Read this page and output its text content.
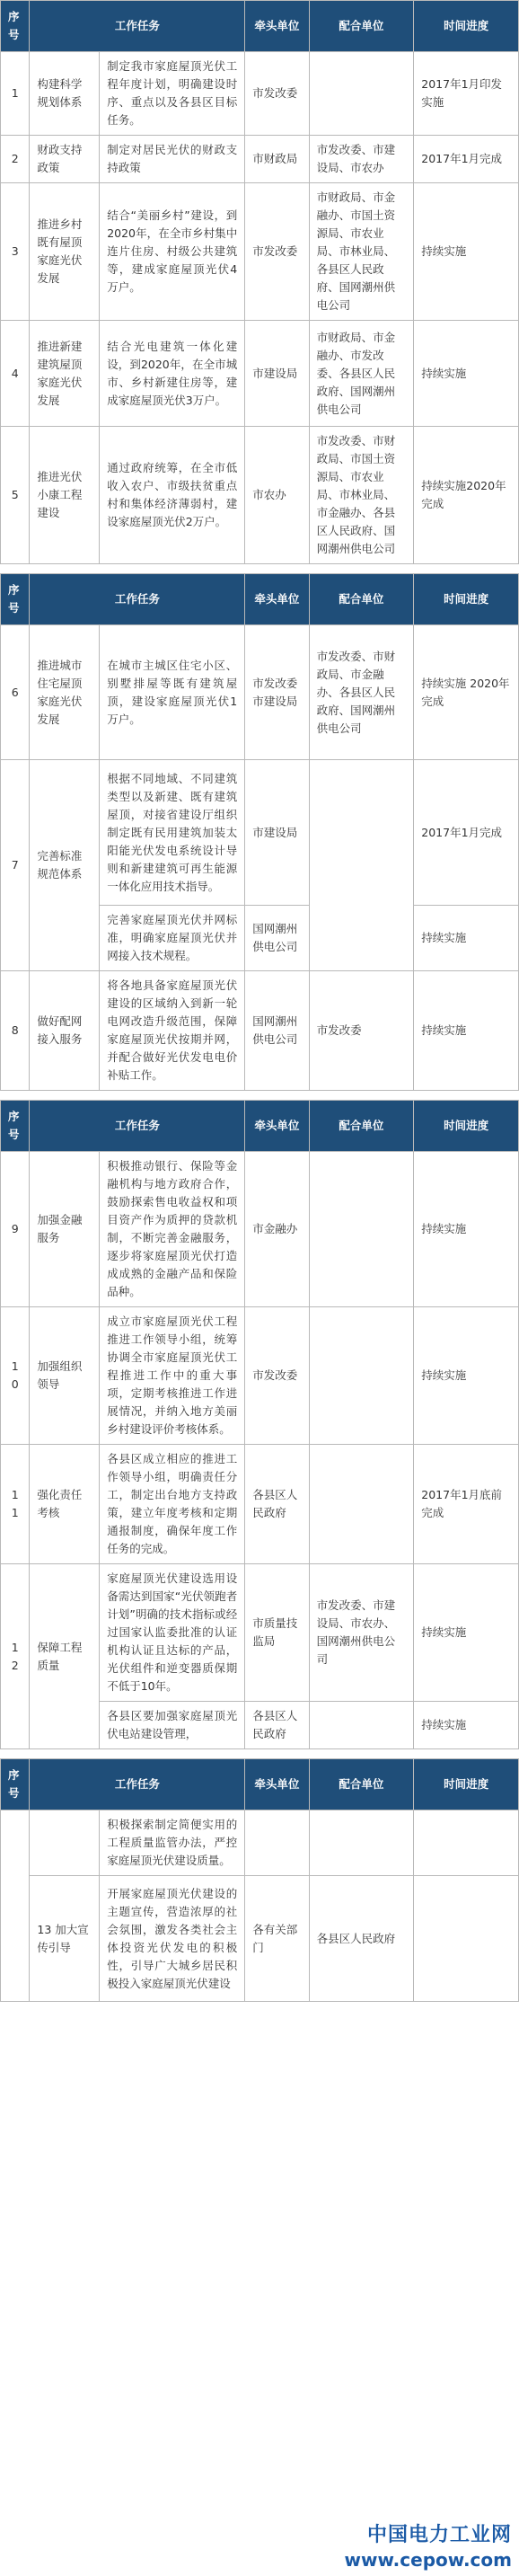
序号	工作任务		牵头单位	配合单位	时间进度
1	构建科学规划体系	制定我市家庭屋顶光伏工程年度计划，明确建设时序、重点以及各县区目标任务。	市发改委		2017年1月印发实施
2	财政支持政策	制定对居民光伏的财政支持政策	市财政局	市发改委、市建设局、市农办	2017年1月完成
3	推进乡村既有屋顶家庭光伏发展	结合“美丽乡村”建设，到2020年，在全市乡村集中连片住房、村级公共建筑等，建成家庭屋顶光伏4万户。	市发改委	市财政局、市金融办、市国土资源局、市农业局、市林业局、各县区人民政府、国网潮州供电公司	持续实施
4	推进新建建筑屋顶家庭光伏发展	结合光电建筑一体化建设，到2020年，在全市城市、乡村新建住房等，建成家庭屋顶光伏3万户。	市建设局	市财政局、市金融办、市发改委、各县区人民政府、国网潮州供电公司	持续实施
5	推进光伏小康工程建设	通过政府统筹，在全市低收入农户、市级扶贫重点村和集体经济薄弱村，建设家庭屋顶光伏2万户。	市农办	市发改委、市财政局、市国土资源局、市农业局、市林业局、市金融办、各县区人民政府、国网潮州供电公司	持续实施2020年完成
序号	工作任务		牵头单位	配合单位	时间进度
6	推进城市住宅屋顶家庭光伏发展	在城市主城区住宅小区、别墅排屋等既有建筑屋顶，建设家庭屋顶光伏1万户。	市发改委市建设局	市发改委、市财政局、市金融办、各县区人民政府、国网潮州供电公司	持续实施 2020年完成
7	完善标准规范体系	根据不同地域、不同建筑类型以及新建、既有建筑屋顶，对接省建设厅组织制定既有民用建筑加装太阳能光伏发电系统设计导则和新建建筑可再生能源一体化应用技术指导。	市建设局		2017年1月完成
		完善家庭屋顶光伏并网标准，明确家庭屋顶光伏并网接入技术规程。	国网潮州供电公司		持续实施
8	做好配网接入服务	将各地具备家庭屋顶光伏建设的区域纳入到新一轮电网改造升级范围，保障家庭屋顶光伏按期并网，并配合做好光伏发电电价补贴工作。	国网潮州供电公司	市发改委	持续实施
序号	工作任务		牵头单位	配合单位	时间进度
9	加强金融服务	积极推动银行、保险等金融机构与地方政府合作，鼓励探索售电收益权和项目资产作为质押的贷款机制，不断完善金融服务，逐步将家庭屋顶光伏打造成成熟的金融产品和保险品种。	市金融办		持续实施
10	加强组织领导	成立市家庭屋顶光伏工程推进工作领导小组，统筹协调全市家庭屋顶光伏工程推进工作中的重大事项，定期考核推进工作进展情况，并纳入地方美丽乡村建设评价考核体系。	市发改委		持续实施
11	强化责任考核	各县区成立相应的推进工作领导小组，明确责任分工，制定出台地方支持政策，建立年度考核和定期通报制度，确保年度工作任务的完成。	各县区人民政府		2017年1月底前完成
12	保障工程质量	家庭屋顶光伏建设选用设备需达到国家“光伏领跑者计划”明确的技术指标或经过国家认监委批准的认证机构认证且达标的产品，光伏组件和逆变器质保期不低于10年。	市质量技监局	市发改委、市建设局、市农办、国网潮州供电公司	持续实施
		各县区要加强家庭屋顶光伏电站建设管理，	各县区人民政府		持续实施
序号	工作任务		牵头单位	配合单位	时间进度
		积极探索制定简便实用的工程质量监管办法，严控家庭屋顶光伏建设质量。			
	13 加大宣传引导	开展家庭屋顶光伏建设的主题宣传，营造浓厚的社会氛围，激发各类社会主体投资光伏发电的积极性，引导广大城乡居民积极投入家庭屋顶光伏建设	各有关部门	各县区人民政府	
中国电力工业网
www.cepow.com
